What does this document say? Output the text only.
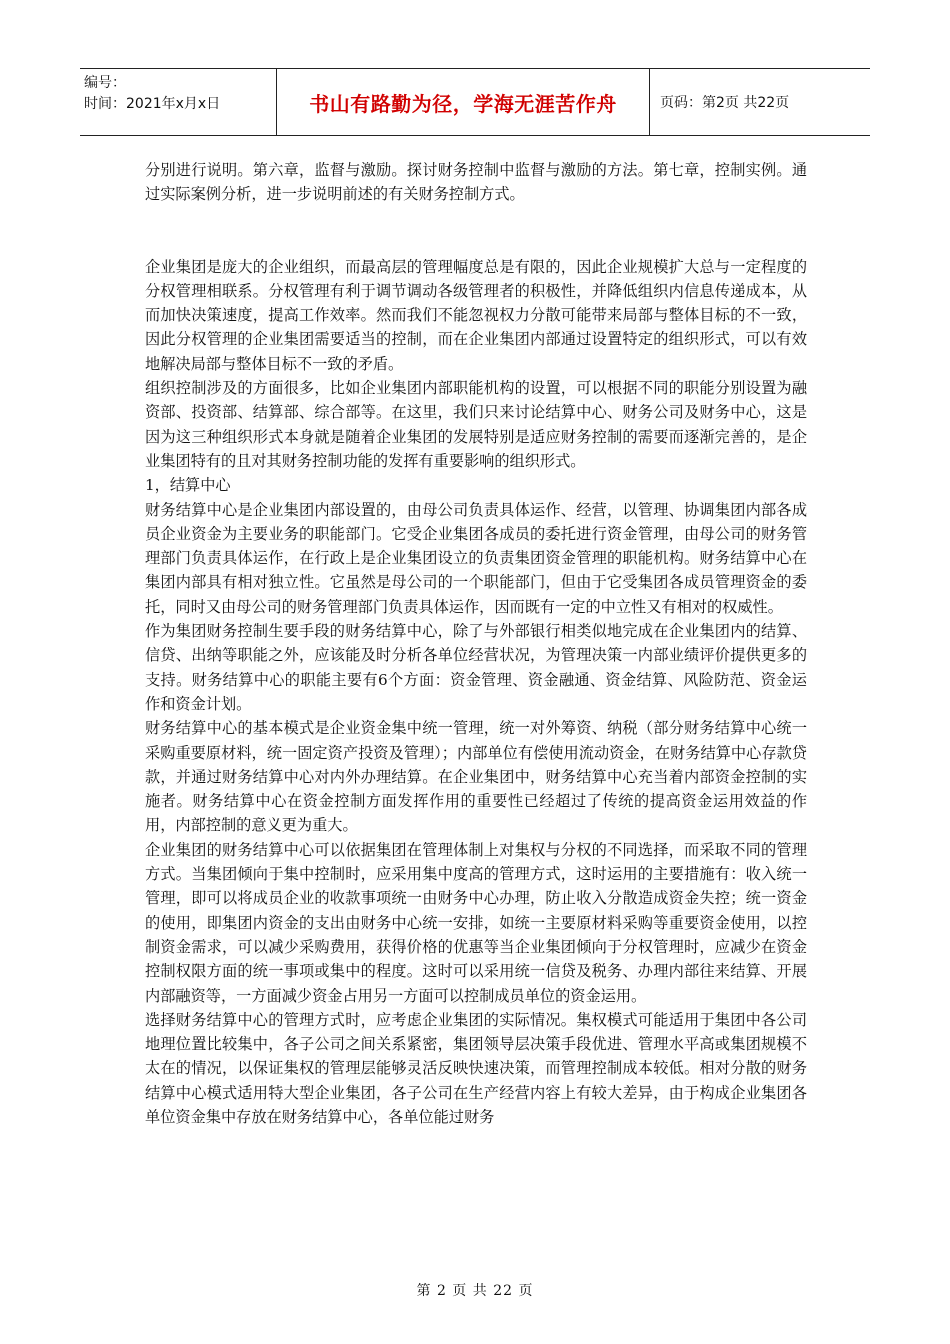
编号：
时间：2021年x月x日	书山有路勤为径，学海无涯苦作舟	页码：第2页 共22页

分别进行说明。第六章，监督与激励。探讨财务控制中监督与激励的方法。第七章，控制实例。通过实际案例分析，进一步说明前述的有关财务控制方式。

企业集团是庞大的企业组织，而最高层的管理幅度总是有限的，因此企业规模扩大总与一定程度的分权管理相联系。分权管理有利于调节调动各级管理者的积极性，并降低组织内信息传递成本，从而加快决策速度，提高工作效率。然而我们不能忽视权力分散可能带来局部与整体目标的不一致，因此分权管理的企业集团需要适当的控制，而在企业集团内部通过设置特定的组织形式，可以有效地解决局部与整体目标不一致的矛盾。

组织控制涉及的方面很多，比如企业集团内部职能机构的设置，可以根据不同的职能分别设置为融资部、投资部、结算部、综合部等。在这里，我们只来讨论结算中心、财务公司及财务中心，这是因为这三种组织形式本身就是随着企业集团的发展特别是适应财务控制的需要而逐渐完善的，是企业集团特有的且对其财务控制功能的发挥有重要影响的组织形式。

1，结算中心

财务结算中心是企业集团内部设置的，由母公司负责具体运作、经营，以管理、协调集团内部各成员企业资金为主要业务的职能部门。它受企业集团各成员的委托进行资金管理，由母公司的财务管理部门负责具体运作，在行政上是企业集团设立的负责集团资金管理的职能机构。财务结算中心在集团内部具有相对独立性。它虽然是母公司的一个职能部门，但由于它受集团各成员管理资金的委托，同时又由母公司的财务管理部门负责具体运作，因而既有一定的中立性又有相对的权威性。

作为集团财务控制生要手段的财务结算中心，除了与外部银行相类似地完成在企业集团内的结算、信贷、出纳等职能之外，应该能及时分析各单位经营状况，为管理决策一内部业绩评价提供更多的支持。财务结算中心的职能主要有6个方面：资金管理、资金融通、资金结算、风险防范、资金运作和资金计划。

财务结算中心的基本模式是企业资金集中统一管理，统一对外筹资、纳税（部分财务结算中心统一采购重要原材料，统一固定资产投资及管理）；内部单位有偿使用流动资金，在财务结算中心存款贷款，并通过财务结算中心对内外办理结算。在企业集团中，财务结算中心充当着内部资金控制的实施者。财务结算中心在资金控制方面发挥作用的重要性已经超过了传统的提高资金运用效益的作用，内部控制的意义更为重大。

企业集团的财务结算中心可以依据集团在管理体制上对集权与分权的不同选择，而采取不同的管理方式。当集团倾向于集中控制时，应采用集中度高的管理方式，这时运用的主要措施有：收入统一管理，即可以将成员企业的收款事项统一由财务中心办理，防止收入分散造成资金失控；统一资金的使用，即集团内资金的支出由财务中心统一安排，如统一主要原材料采购等重要资金使用，以控制资金需求，可以减少采购费用，获得价格的优惠等当企业集团倾向于分权管理时，应减少在资金控制权限方面的统一事项或集中的程度。这时可以采用统一信贷及税务、办理内部往来结算、开展内部融资等，一方面减少资金占用另一方面可以控制成员单位的资金运用。

选择财务结算中心的管理方式时，应考虑企业集团的实际情况。集权模式可能适用于集团中各公司地理位置比较集中，各子公司之间关系紧密，集团领导层决策手段优进、管理水平高或集团规模不太在的情况，以保证集权的管理层能够灵活反映快速决策，而管理控制成本较低。相对分散的财务结算中心模式适用特大型企业集团，各子公司在生产经营内容上有较大差异，由于构成企业集团各单位资金集中存放在财务结算中心，各单位能过财务

第 2 页 共 22 页
